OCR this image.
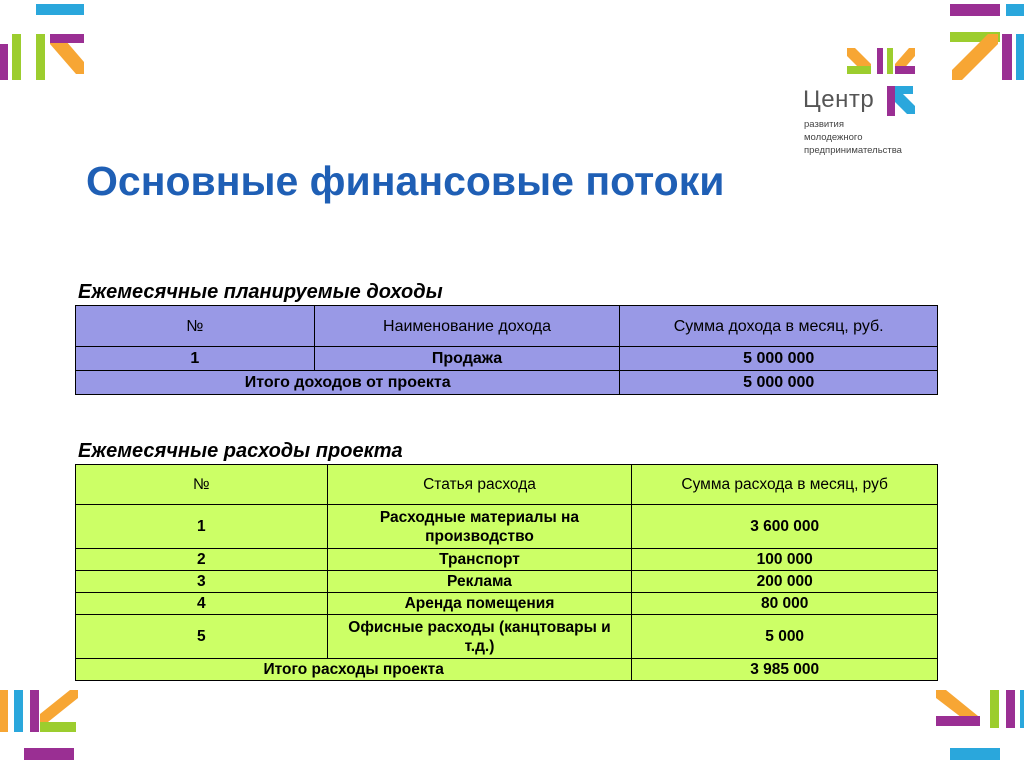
Центр
развития
молодежного
предпринимательства
Основные финансовые потоки
Ежемесячные планируемые доходы
№	Наименование дохода	Сумма дохода в месяц, руб.
1	Продажа	5 000 000
Итого доходов от проекта		5 000 000
Ежемесячные расходы проекта
№	Статья расхода	Сумма расхода в месяц, руб
1	Расходные материалы на производство	3 600 000
2	Транспорт	100 000
3	Реклама	200 000
4	Аренда помещения	80 000
5	Офисные расходы (канцтовары и т.д.)	5 000
Итого расходы проекта		3 985 000
